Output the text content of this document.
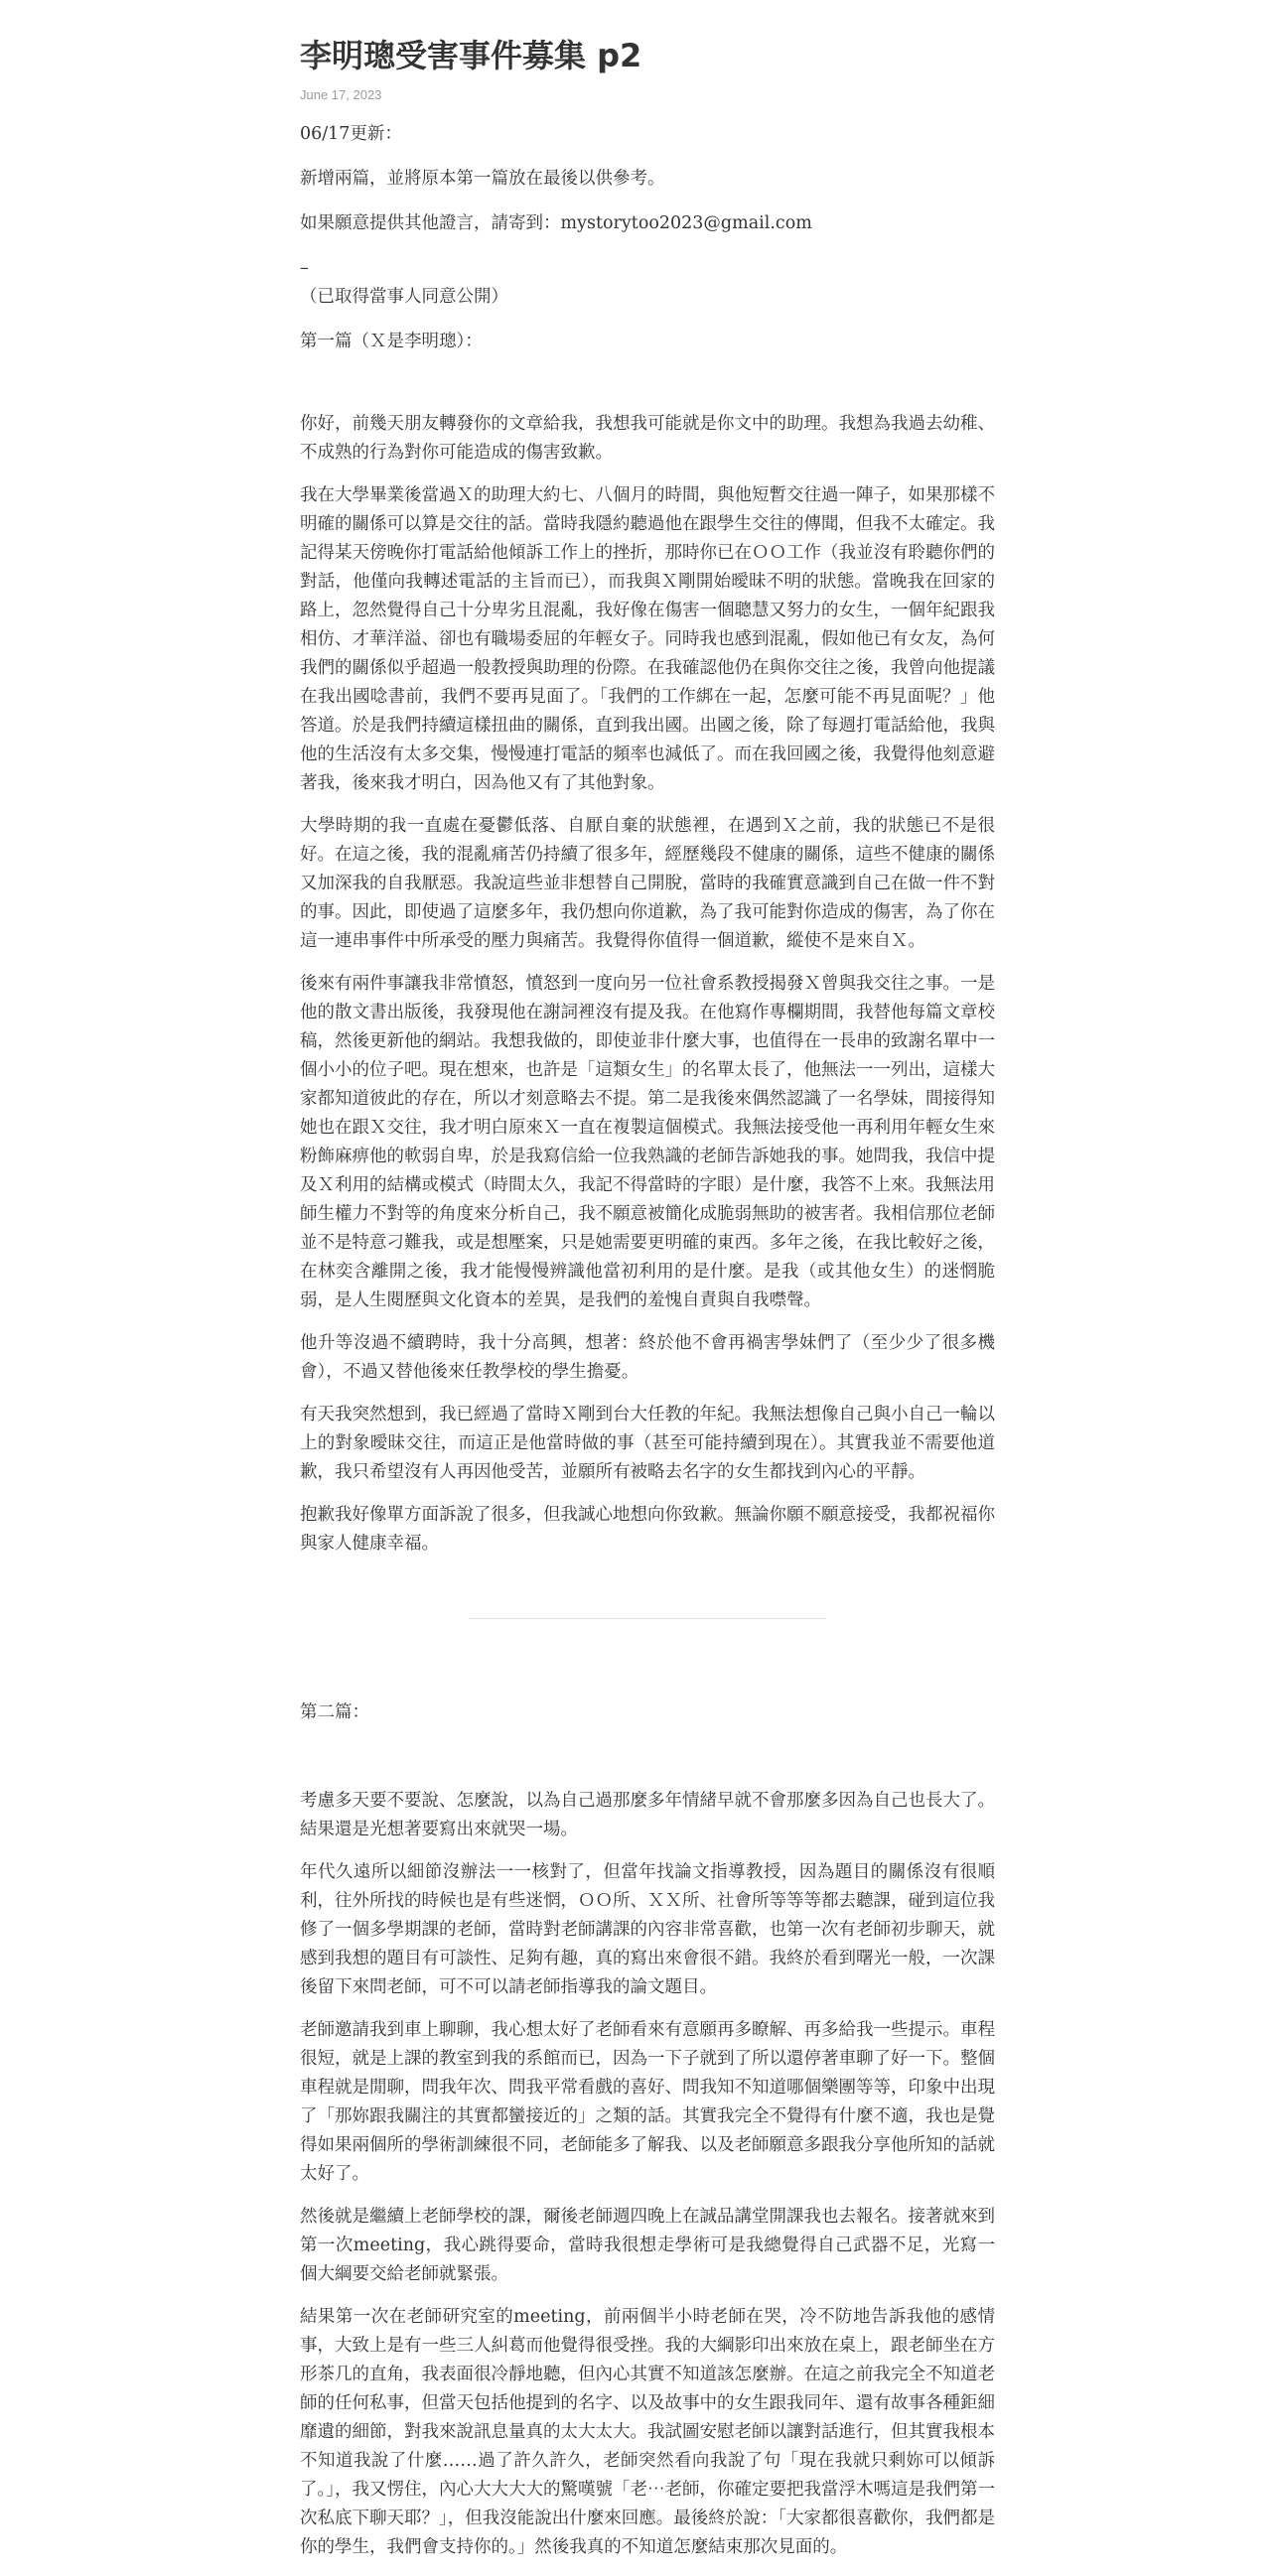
李明璁受害事件募集 p2
June 17, 2023

06/17更新：

新增兩篇，並將原本第一篇放在最後以供參考。

如果願意提供其他證言，請寄到：mystorytoo2023@gmail.com

–

（已取得當事人同意公開）

第一篇（Ｘ是李明璁）：

你好，前幾天朋友轉發你的文章給我，我想我可能就是你文中的助理。我想為我過去幼稚、不成熟的行為對你可能造成的傷害致歉。

我在大學畢業後當過Ｘ的助理大約七、八個月的時間，與他短暫交往過一陣子，如果那樣不明確的關係可以算是交往的話。當時我隱約聽過他在跟學生交往的傳聞，但我不太確定。我記得某天傍晚你打電話給他傾訴工作上的挫折，那時你已在ＯＯ工作（我並沒有聆聽你們的對話，他僅向我轉述電話的主旨而已），而我與Ｘ剛開始曖昧不明的狀態。當晚我在回家的路上，忽然覺得自己十分卑劣且混亂，我好像在傷害一個聰慧又努力的女生，一個年紀跟我相仿、才華洋溢、卻也有職場委屈的年輕女子。同時我也感到混亂，假如他已有女友，為何我們的關係似乎超過一般教授與助理的份際。在我確認他仍在與你交往之後，我曾向他提議在我出國唸書前，我們不要再見面了。「我們的工作綁在一起，怎麼可能不再見面呢？」他答道。於是我們持續這樣扭曲的關係，直到我出國。出國之後，除了每週打電話給他，我與他的生活沒有太多交集，慢慢連打電話的頻率也減低了。而在我回國之後，我覺得他刻意避著我，後來我才明白，因為他又有了其他對象。

大學時期的我一直處在憂鬱低落、自厭自棄的狀態裡，在遇到Ｘ之前，我的狀態已不是很好。在這之後，我的混亂痛苦仍持續了很多年，經歷幾段不健康的關係，這些不健康的關係又加深我的自我厭惡。我說這些並非想替自己開脫，當時的我確實意識到自己在做一件不對的事。因此，即使過了這麼多年，我仍想向你道歉，為了我可能對你造成的傷害，為了你在這一連串事件中所承受的壓力與痛苦。我覺得你值得一個道歉，縱使不是來自Ｘ。

後來有兩件事讓我非常憤怒，憤怒到一度向另一位社會系教授揭發Ｘ曾與我交往之事。一是他的散文書出版後，我發現他在謝詞裡沒有提及我。在他寫作專欄期間，我替他每篇文章校稿，然後更新他的網站。我想我做的，即使並非什麼大事，也值得在一長串的致謝名單中一個小小的位子吧。現在想來，也許是「這類女生」的名單太長了，他無法一一列出，這樣大家都知道彼此的存在，所以才刻意略去不提。第二是我後來偶然認識了一名學妹，間接得知她也在跟Ｘ交往，我才明白原來Ｘ一直在複製這個模式。我無法接受他一再利用年輕女生來粉飾麻痹他的軟弱自卑，於是我寫信給一位我熟識的老師告訴她我的事。她問我，我信中提及Ｘ利用的結構或模式（時間太久，我記不得當時的字眼）是什麼，我答不上來。我無法用師生權力不對等的角度來分析自己，我不願意被簡化成脆弱無助的被害者。我相信那位老師並不是特意刁難我，或是想壓案，只是她需要更明確的東西。多年之後，在我比較好之後，在林奕含離開之後，我才能慢慢辨識他當初利用的是什麼。是我（或其他女生）的迷惘脆弱，是人生閱歷與文化資本的差異，是我們的羞愧自責與自我噤聲。

他升等沒過不續聘時，我十分高興，想著：終於他不會再禍害學妹們了（至少少了很多機會），不過又替他後來任教學校的學生擔憂。

有天我突然想到，我已經過了當時Ｘ剛到台大任教的年紀。我無法想像自己與小自己一輪以上的對象曖昧交往，而這正是他當時做的事（甚至可能持續到現在）。其實我並不需要他道歉，我只希望沒有人再因他受苦，並願所有被略去名字的女生都找到內心的平靜。

抱歉我好像單方面訴說了很多，但我誠心地想向你致歉。無論你願不願意接受，我都祝福你與家人健康幸福。

第二篇：

考慮多天要不要說、怎麼說，以為自己過那麼多年情緒早就不會那麼多因為自己也長大了。結果還是光想著要寫出來就哭一場。

年代久遠所以細節沒辦法一一核對了，但當年找論文指導教授，因為題目的關係沒有很順利，往外所找的時候也是有些迷惘，ＯＯ所、ＸＸ所、社會所等等等都去聽課，碰到這位我修了一個多學期課的老師，當時對老師講課的內容非常喜歡，也第一次有老師初步聊天，就感到我想的題目有可談性、足夠有趣，真的寫出來會很不錯。我終於看到曙光一般，一次課後留下來問老師，可不可以請老師指導我的論文題目。

老師邀請我到車上聊聊，我心想太好了老師看來有意願再多瞭解、再多給我一些提示。車程很短，就是上課的教室到我的系館而已，因為一下子就到了所以還停著車聊了好一下。整個車程就是閒聊，問我年次、問我平常看戲的喜好、問我知不知道哪個樂團等等，印象中出現了「那妳跟我關注的其實都蠻接近的」之類的話。其實我完全不覺得有什麼不適，我也是覺得如果兩個所的學術訓練很不同，老師能多了解我、以及老師願意多跟我分享他所知的話就太好了。

然後就是繼續上老師學校的課，爾後老師週四晚上在誠品講堂開課我也去報名。接著就來到第一次meeting，我心跳得要命，當時我很想走學術可是我總覺得自己武器不足，光寫一個大綱要交給老師就緊張。

結果第一次在老師研究室的meeting，前兩個半小時老師在哭，冷不防地告訴我他的感情事，大致上是有一些三人糾葛而他覺得很受挫。我的大綱影印出來放在桌上，跟老師坐在方形茶几的直角，我表面很冷靜地聽，但內心其實不知道該怎麼辦。在這之前我完全不知道老師的任何私事，但當天包括他提到的名字、以及故事中的女生跟我同年、還有故事各種鉅細靡遺的細節，對我來說訊息量真的太大太大。我試圖安慰老師以讓對話進行，但其實我根本不知道我說了什麼……過了許久許久，老師突然看向我說了句「現在我就只剩妳可以傾訴了。」，我又愣住，內心大大大大的驚嘆號「老⋯老師，你確定要把我當浮木嗎這是我們第一次私底下聊天耶？」，但我沒能說出什麼來回應。最後終於說：「大家都很喜歡你，我們都是你的學生，我們會支持你的。」然後我真的不知道怎麼結束那次見面的。
